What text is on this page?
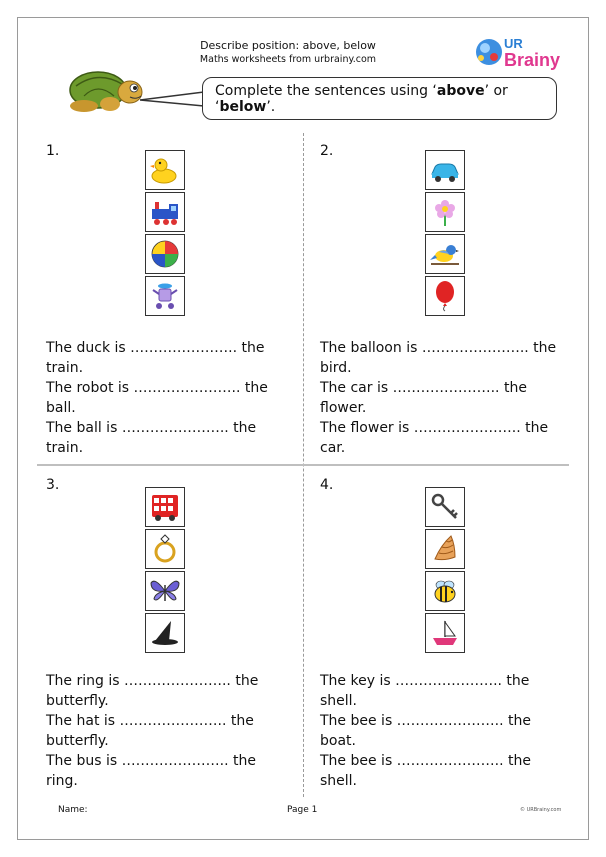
Describe position: above, below
Maths worksheets from urbrainy.com
UR
Brainy
Complete the sentences using ‘above’ or ‘below’.
1.

The duck is ………………….. the

train.

The robot is ………………….. the

ball.

The ball is ………………….. the

train.

2.

The balloon is ………………….. the

bird.

The car is ………………….. the

flower.

The flower is ………………….. the

car.

3.

The ring is ………………….. the

butterfly.

The hat is ………………….. the

butterfly.

The bus is ………………….. the

ring.

4.

The key is ………………….. the

shell.

The bee is ………………….. the

boat.

The bee is ………………….. the

shell.

Name:	Page 1	© URBrainy.com
